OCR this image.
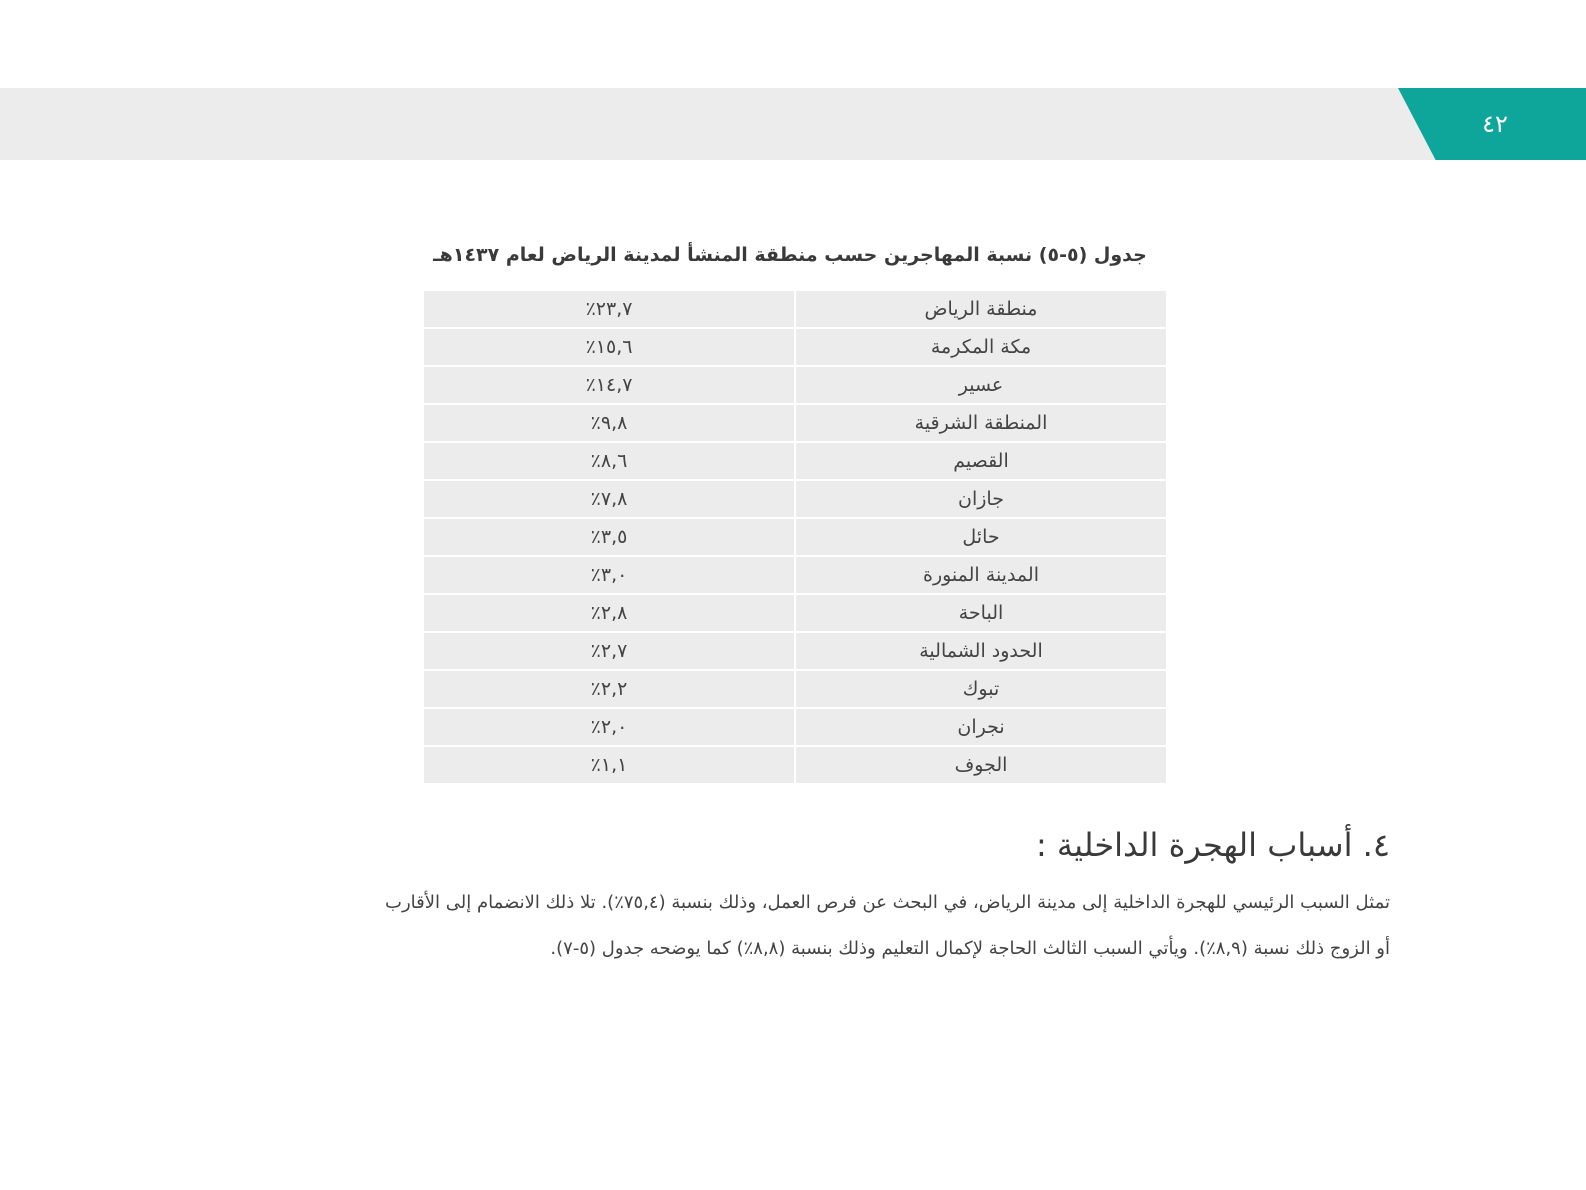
٤٢
جدول (٥-٥) نسبة المهاجرين حسب منطقة المنشأ لمدينة الرياض لعام ١٤٣٧هـ
منطقة الرياض	٢٣,٧٪
مكة المكرمة	١٥,٦٪
عسير	١٤,٧٪
المنطقة الشرقية	٩,٨٪
القصيم	٨,٦٪
جازان	٧,٨٪
حائل	٣,٥٪
المدينة المنورة	٣,٠٪
الباحة	٢,٨٪
الحدود الشمالية	٢,٧٪
تبوك	٢,٢٪
نجران	٢,٠٪
الجوف	١,١٪
٤. أسباب الهجرة الداخلية :
تمثل السبب الرئيسي للهجرة الداخلية إلى مدينة الرياض، في البحث عن فرص العمل، وذلك بنسبة (٧٥,٤٪). تلا ذلك الانضمام إلى الأقارب
أو الزوج ذلك نسبة (٨,٩٪). ويأتي السبب الثالث الحاجة لإكمال التعليم وذلك بنسبة (٨,٨٪) كما يوضحه جدول (٥-٧).
